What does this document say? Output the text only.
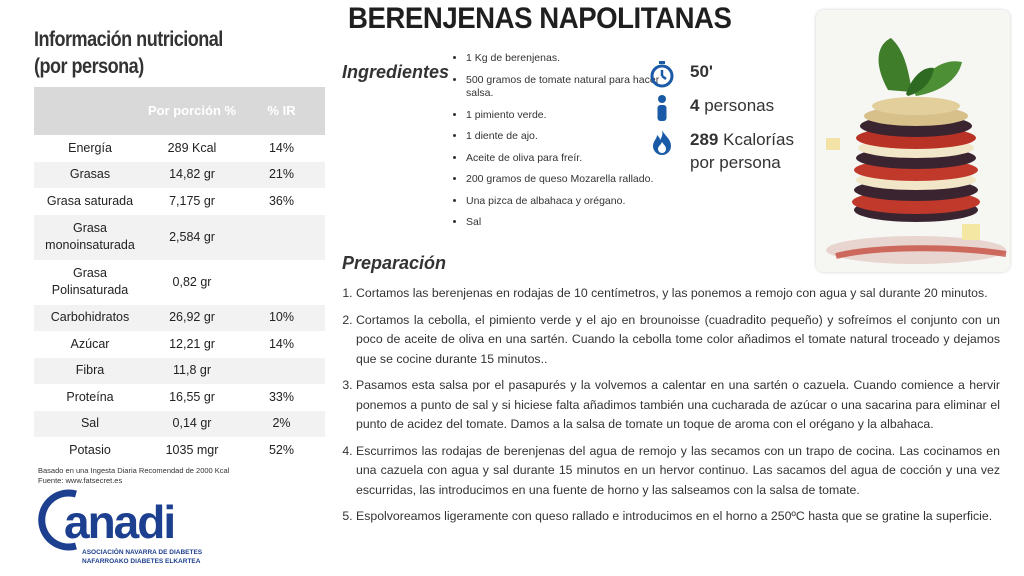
Información nutricional
(por persona)
	Por porción %	% IR
Energía	289 Kcal	14%
Grasas	14,82 gr	21%
Grasa saturada	7,175 gr	36%

Grasa
monoinsaturada	2,584 gr	

Grasa
Polinsaturada	0,82 gr	
Carbohidratos	26,92 gr	10%
Azúcar	12,21 gr	14%
Fibra	11,8 gr	
Proteína	16,55 gr	33%
Sal	0,14 gr	2%
Potasio	1035 mgr	52%
Basado en una Ingesta Diaria Recomendad de 2000 Kcal
Fuente: www.fatsecret.es
anadi
ASOCIACIÓN NAVARRA DE DIABETES
NAFARROAKO DIABETES ELKARTEA
BERENJENAS NAPOLITANAS
Ingredientes
• 1 Kg de berenjenas.
• 500 gramos de tomate natural para hacer salsa.
• 1 pimiento verde.
• 1 diente de ajo.
• Aceite de oliva para freír.
• 200 gramos de queso Mozarella rallado.
• Una pizca de albahaca y orégano.
• Sal
50'
4 personas
289 Kcalorías
por persona
Preparación
1. Cortamos las berenjenas en rodajas de 10 centímetros, y las ponemos a remojo con agua y sal durante 20 minutos.
2. Cortamos la cebolla, el pimiento verde y el ajo en brounoisse (cuadradito pequeño) y sofreímos el conjunto con un poco de aceite de oliva en una sartén. Cuando la cebolla tome color añadimos el tomate natural troceado y dejamos que se cocine durante 15 minutos..
3. Pasamos esta salsa por el pasapurés y la volvemos a calentar en una sartén o cazuela. Cuando comience a hervir ponemos a punto de sal y si hiciese falta añadimos también una cucharada de azúcar o una sacarina para eliminar el punto de acidez del tomate. Damos a la salsa de tomate un toque de aroma con el orégano y la albahaca.
4. Escurrimos las rodajas de berenjenas del agua de remojo y las secamos con un trapo de cocina. Las cocinamos en una cazuela con agua y sal durante 15 minutos en un hervor continuo. Las sacamos del agua de cocción y una vez escurridas, las introducimos en una fuente de horno y las salseamos con la salsa de tomate.
5. Espolvoreamos ligeramente con queso rallado e introducimos en el horno a 250ºC hasta que se gratine la superficie.
